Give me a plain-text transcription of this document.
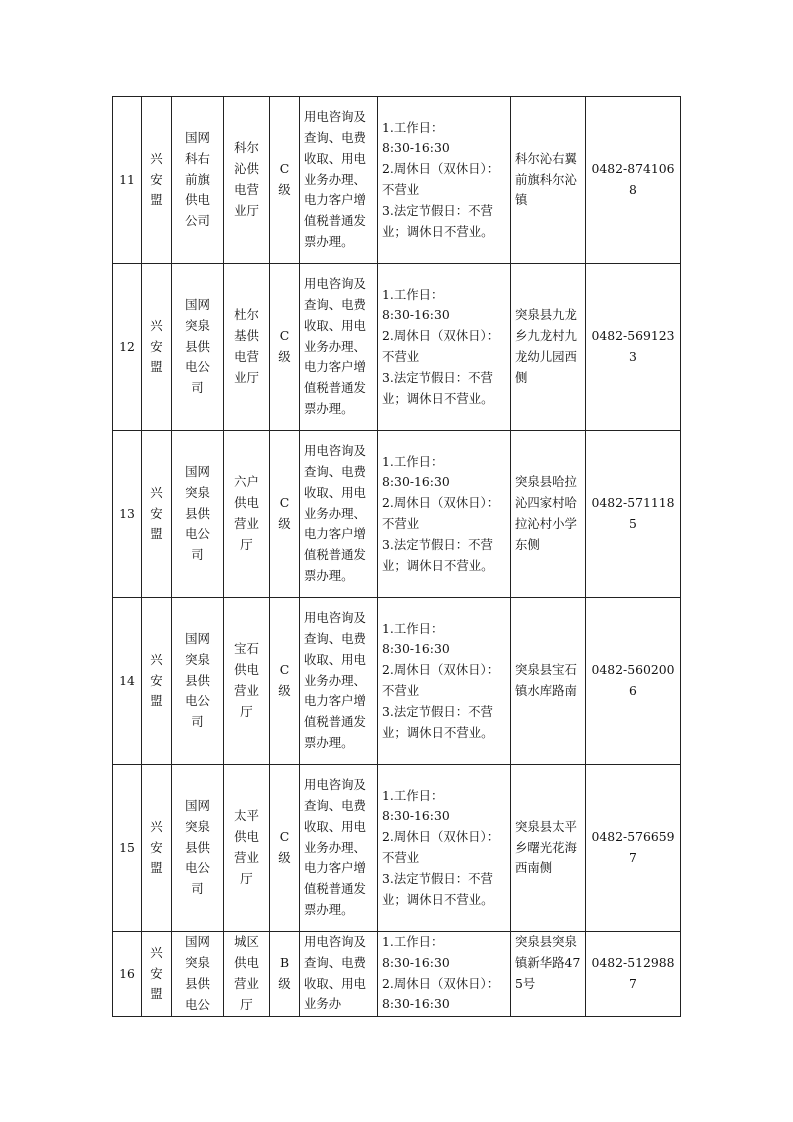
11	兴安盟	国网科右前旗供电公司	科尔沁供电营业厅	C级	用电咨询及查询、电费收取、用电业务办理、电力客户增值税普通发票办理。	1.工作日：
8:30-16:30
2.周休日（双休日）：不营业
3.法定节假日：不营业；调休日不营业。	科尔沁右翼前旗科尔沁镇	0482-8741068
12	兴安盟	国网突泉县供电公司	杜尔基供电营业厅	C级	用电咨询及查询、电费收取、用电业务办理、电力客户增值税普通发票办理。	1.工作日：
8:30-16:30
2.周休日（双休日）：不营业
3.法定节假日：不营业；调休日不营业。	突泉县九龙乡九龙村九龙幼儿园西侧	0482-5691233
13	兴安盟	国网突泉县供电公司	六户供电营业厅	C级	用电咨询及查询、电费收取、用电业务办理、电力客户增值税普通发票办理。	1.工作日：
8:30-16:30
2.周休日（双休日）：不营业
3.法定节假日：不营业；调休日不营业。	突泉县哈拉沁四家村哈拉沁村小学东侧	0482-5711185
14	兴安盟	国网突泉县供电公司	宝石供电营业厅	C级	用电咨询及查询、电费收取、用电业务办理、电力客户增值税普通发票办理。	1.工作日：
8:30-16:30
2.周休日（双休日）：不营业
3.法定节假日：不营业；调休日不营业。	突泉县宝石镇水库路南	0482-5602006
15	兴安盟	国网突泉县供电公司	太平供电营业厅	C级	用电咨询及查询、电费收取、用电业务办理、电力客户增值税普通发票办理。	1.工作日：
8:30-16:30
2.周休日（双休日）：不营业
3.法定节假日：不营业；调休日不营业。	突泉县太平乡曙光花海西南侧	0482-5766597
16	兴安盟	国网突泉县供电公	城区供电营业厅	B级	用电咨询及查询、电费收取、用电业务办	1.工作日：
8:30-16:30
2.周休日（双休日）：
8:30-16:30	突泉县突泉镇新华路475号	0482-5129887
